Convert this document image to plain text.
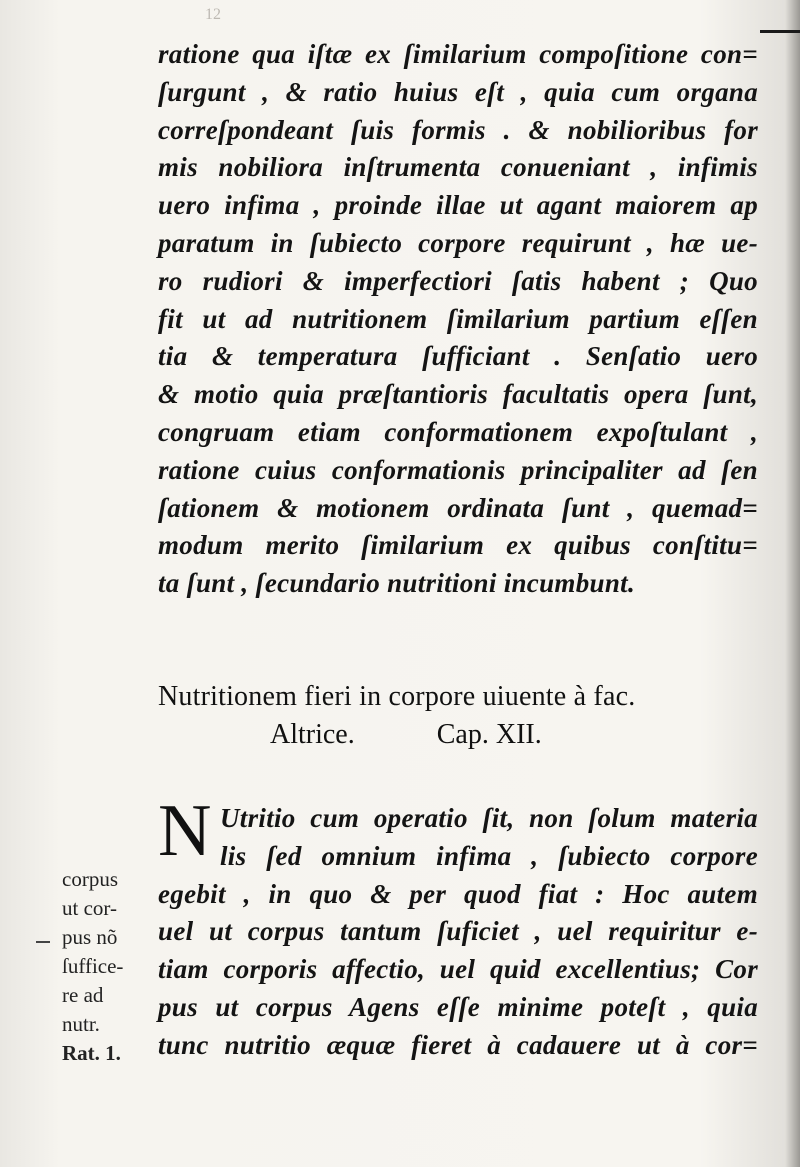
12
ratione qua iſtæ ex ſimilarium compoſitione con=
ſurgunt , & ratio huius eſt , quia cum organa
correſpondeant ſuis formis . & nobilioribus for
mis nobiliora inſtrumenta conueniant , infimis
uero infima , proinde illae ut agant maiorem ap
paratum in ſubiecto corpore requirunt , hæ ue-
ro rudiori & imperfectiori ſatis habent ; Quo
fit ut ad nutritionem ſimilarium partium eſſen
tia & temperatura ſufficiant . Senſatio uero
& motio quia præſtantioris facultatis opera ſunt,
congruam etiam conformationem expoſtulant ,
ratione cuius conformationis principaliter ad ſen
ſationem & motionem ordinata ſunt , quemad=
modum merito ſimilarium ex quibus conſtitu=
ta ſunt , ſecundario nutritioni incumbunt.
Nutritionem fieri in corpore uiuente à fac.
Altrice.	Cap. XII.
N Utritio cum operatio ſit, non ſolum materia
lis ſed omnium infima , ſubiecto corpore
egebit , in quo & per quod fiat : Hoc autem
uel ut corpus tantum ſuficiet , uel requiritur e-
tiam corporis affectio, uel quid excellentius; Cor
pus ut corpus Agens eſſe minime poteſt , quia
tunc nutritio æquæ fieret à cadauere ut à cor=
corpus
ut cor-
pus nõ
ſuffice-
re ad
nutr.
Rat. 1.
